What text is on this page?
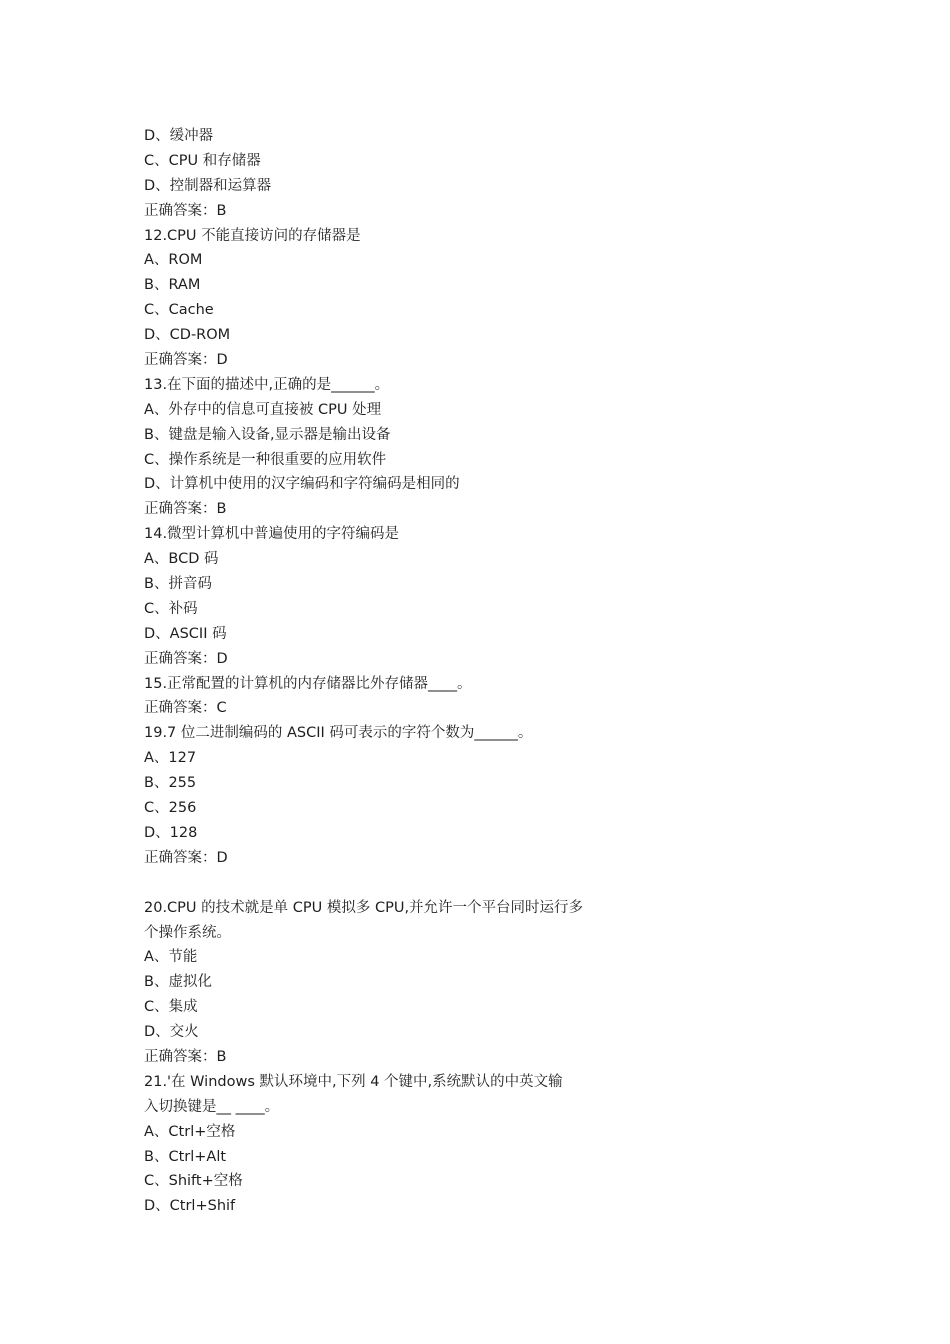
D、缓冲器
C、CPU 和存储器
D、控制器和运算器
正确答案：B
12.CPU 不能直接访问的存储器是
A、ROM
B、RAM
C、Cache
D、CD-ROM
正确答案：D
13.在下面的描述中,正确的是______。
A、外存中的信息可直接被 CPU 处理
B、键盘是输入设备,显示器是输出设备
C、操作系统是一种很重要的应用软件
D、计算机中使用的汉字编码和字符编码是相同的
正确答案：B
14.微型计算机中普遍使用的字符编码是
A、BCD 码
B、拼音码
C、补码
D、ASCII 码
正确答案：D
15.正常配置的计算机的内存储器比外存储器____。
正确答案：C
19.7 位二进制编码的 ASCII 码可表示的字符个数为______。
A、127
B、255
C、256
D、128
正确答案：D
20.CPU 的技术就是单 CPU 模拟多 CPU,并允许一个平台同时运行多
个操作系统。
A、节能
B、虚拟化
C、集成
D、交火
正确答案：B
21.'在 Windows 默认环境中,下列 4 个键中,系统默认的中英文输
入切换键是__ ____。
A、Ctrl+空格
B、Ctrl+Alt
C、Shift+空格
D、Ctrl+Shif
